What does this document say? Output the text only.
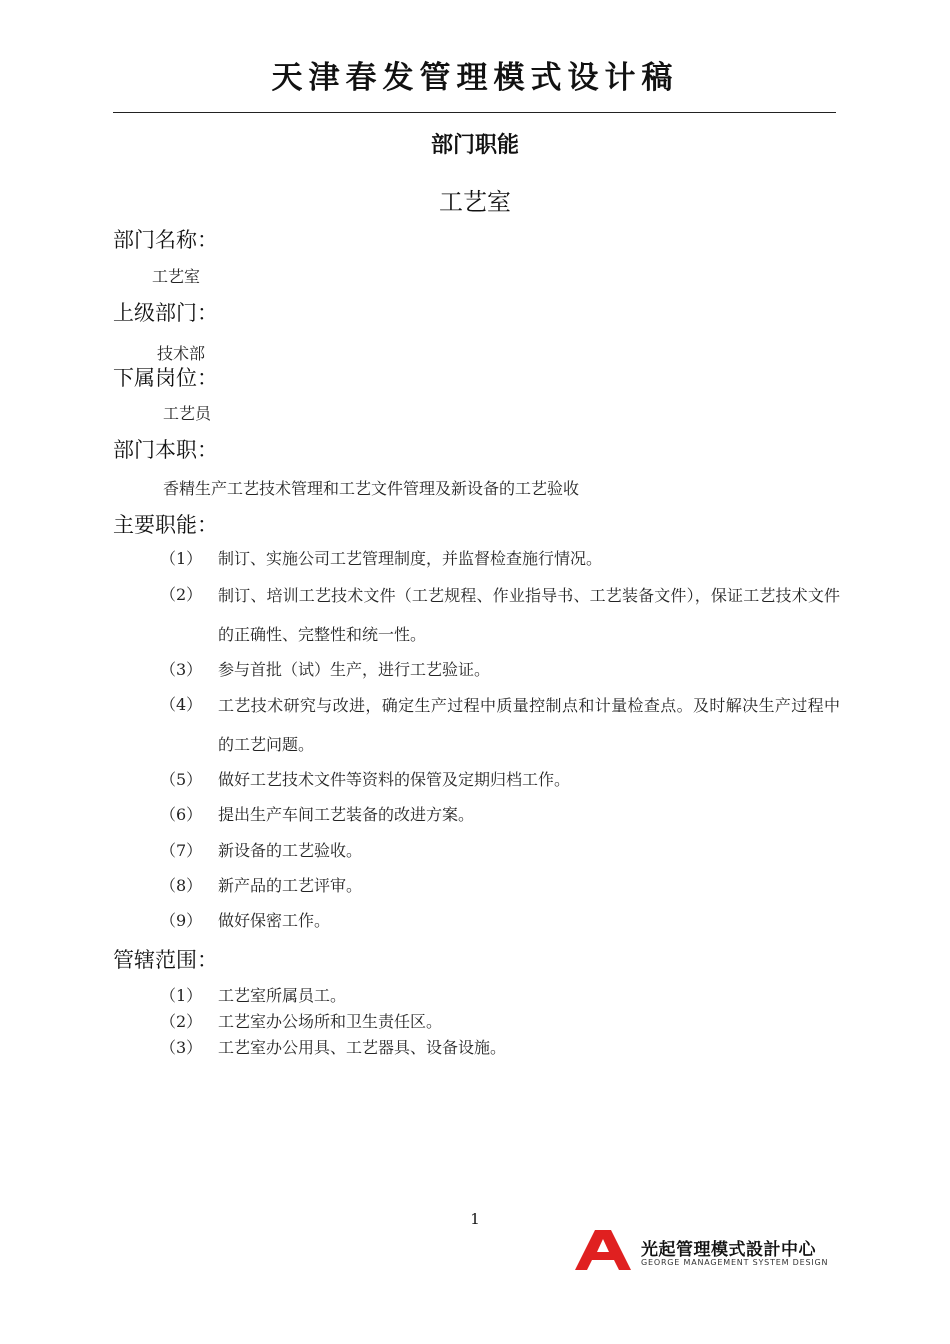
天津春发管理模式设计稿
部门职能
工艺室
部门名称：
工艺室
上级部门：
技术部
下属岗位：
工艺员
部门本职：
香精生产工艺技术管理和工艺文件管理及新设备的工艺验收
主要职能：
（1） 制订、实施公司工艺管理制度，并监督检查施行情况。
（2） 制订、培训工艺技术文件（工艺规程、作业指导书、工艺装备文件），保证工艺技术文件的正确性、完整性和统一性。
（3） 参与首批（试）生产，进行工艺验证。
（4） 工艺技术研究与改进，确定生产过程中质量控制点和计量检查点。及时解决生产过程中的工艺问题。
（5） 做好工艺技术文件等资料的保管及定期归档工作。
（6） 提出生产车间工艺装备的改进方案。
（7） 新设备的工艺验收。
（8） 新产品的工艺评审。
（9） 做好保密工作。
管辖范围：
（1） 工艺室所属员工。
（2） 工艺室办公场所和卫生责任区。
（3） 工艺室办公用具、工艺器具、设备设施。
1
光起管理模式設計中心
GEORGE MANAGEMENT SYSTEM DESIGN
